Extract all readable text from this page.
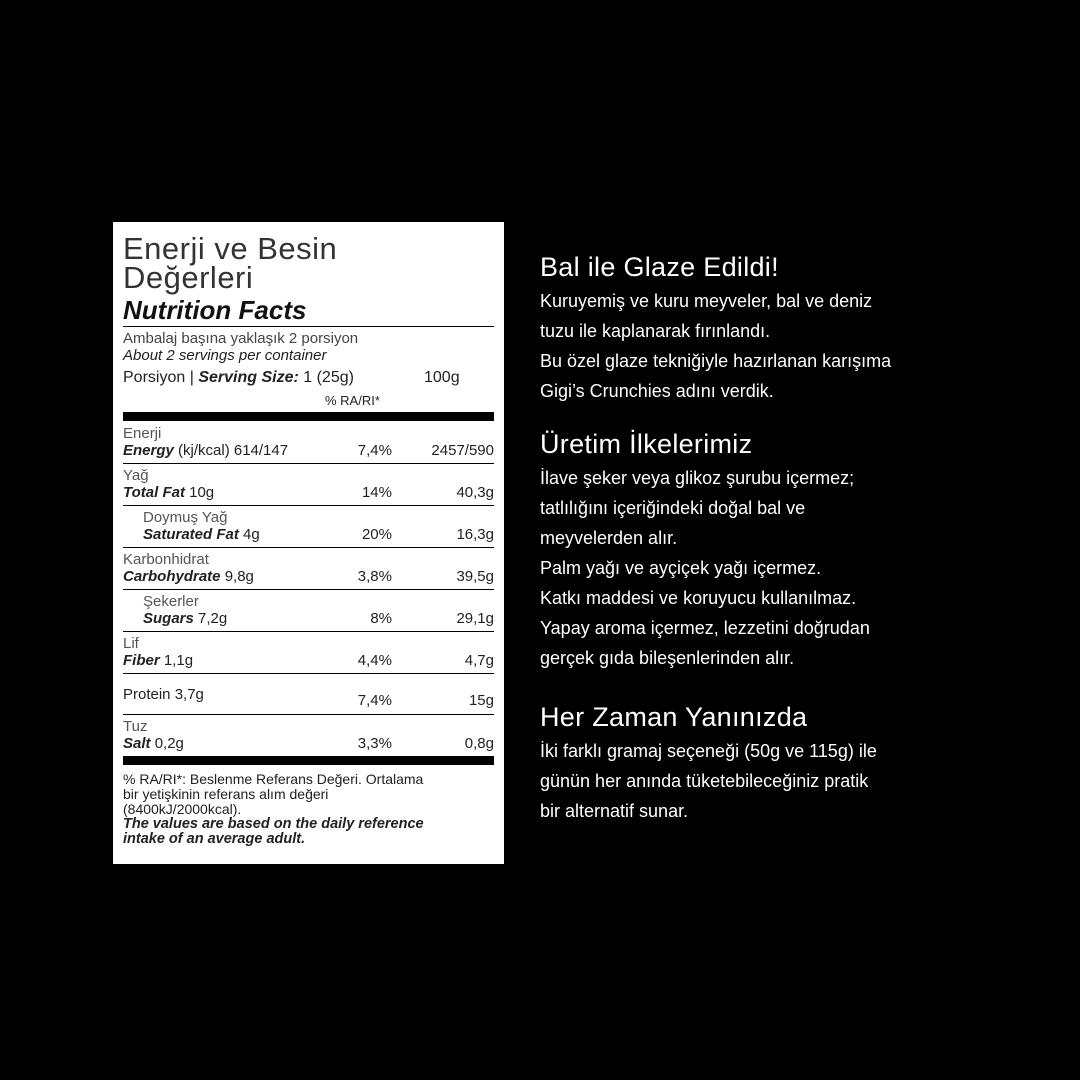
Enerji ve Besin
Değerleri
Nutrition Facts
Ambalaj başına yaklaşık 2 porsiyon
About 2 servings per container
Porsiyon | Serving Size: 1 (25g)	100g
% RA/RI*
Enerji
Energy (kj/kcal) 614/147	7,4%	2457/590
Yağ
Total Fat 10g	14%	40,3g
Doymuş Yağ
Saturated Fat 4g	20%	16,3g
Karbonhidrat
Carbohydrate 9,8g	3,8%	39,5g
Şekerler
Sugars 7,2g	8%	29,1g
Lif
Fiber 1,1g	4,4%	4,7g
Protein 3,7g	7,4%	15g
Tuz
Salt 0,2g	3,3%	0,8g
% RA/RI*: Beslenme Referans Değeri. Ortalama
bir yetişkinin referans alım değeri
(8400kJ/2000kcal).
The values are based on the daily reference
intake of an average adult.
Bal ile Glaze Edildi!
Kuruyemiş ve kuru meyveler, bal ve deniz
tuzu ile kaplanarak fırınlandı.
Bu özel glaze tekniğiyle hazırlanan karışıma
Gigi’s Crunchies adını verdik.
Üretim İlkelerimiz
İlave şeker veya glikoz şurubu içermez;
tatlılığını içeriğindeki doğal bal ve
meyvelerden alır.
Palm yağı ve ayçiçek yağı içermez.
Katkı maddesi ve koruyucu kullanılmaz.
Yapay aroma içermez, lezzetini doğrudan
gerçek gıda bileşenlerinden alır.
Her Zaman Yanınızda
İki farklı gramaj seçeneği (50g ve 115g) ile
günün her anında tüketebileceğiniz pratik
bir alternatif sunar.
